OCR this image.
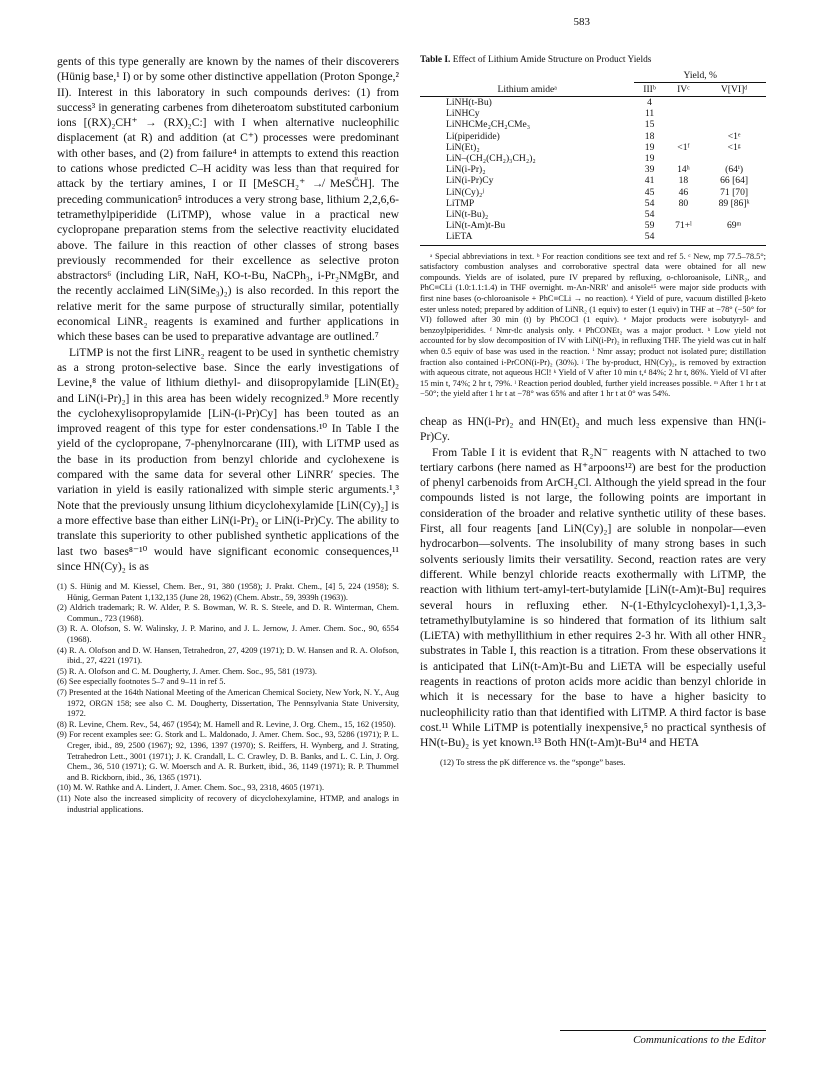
583

gents of this type generally are known by the names of their discoverers (Hünig base,¹ I) or by some other distinctive appellation (Proton Sponge,² II). Interest in this laboratory in such compounds derives: (1) from success³ in generating carbenes from diheteroatom substituted carbonium ions [(RX)₂CH⁺ → (RX)₂C:] with I when alternative nucleophilic displacement (at R) and addition (at C⁺) processes were predominant with other bases, and (2) from failure⁴ in attempts to extend this reaction to cations whose predicted C–H acidity was less than that required for attack by the tertiary amines, I or II [MeSCH₂⁺ ↛ MeSC̈H]. The preceding communication⁵ introduces a very strong base, lithium 2,2,6,6-tetramethylpiperidide (LiTMP), whose value in a practical new cyclopropane preparation stems from the selective reactivity elucidated above. The failure in this reaction of other classes of strong bases previously recommended for their excellence as selective proton abstractors⁶ (including LiR, NaH, KO-t-Bu, NaCPh₃, i-Pr₂NMgBr, and the recently acclaimed LiN(SiMe₃)₂) is also recorded. In this report the relative merit for the same purpose of structurally similar, potentially economical LiNR₂ reagents is examined and further applications in which these bases can be used to preparative advantage are outlined.⁷

LiTMP is not the first LiNR₂ reagent to be used in synthetic chemistry as a strong proton-selective base. Since the early investigations of Levine,⁸ the value of lithium diethyl- and diisopropylamide [LiN(Et)₂ and LiN(i-Pr)₂] in this area has been widely recognized.⁹ More recently the cyclohexylisopropylamide [LiN-(i-Pr)Cy] has been touted as an improved reagent of this type for ester condensations.¹⁰ In Table I the yield of the cyclopropane, 7-phenylnorcarane (III), with LiTMP used as the base in its production from benzyl chloride and cyclohexene is compared with the same data for several other LiNRR′ species. The variation in yield is easily rationalized with simple steric arguments.¹,³ Note that the previously unsung lithium dicyclohexylamide [LiN(Cy)₂] is a more effective base than either LiN(i-Pr)₂ or LiN(i-Pr)Cy. The ability to translate this superiority to other published synthetic applications of the last two bases⁸⁻¹⁰ would have significant economic consequences,¹¹ since HN(Cy)₂ is as

(1) S. Hünig and M. Kiessel, Chem. Ber., 91, 380 (1958); J. Prakt. Chem., [4] 5, 224 (1958); S. Hünig, German Patent 1,132,135 (June 28, 1962) (Chem. Abstr., 59, 3939h (1963)).
(2) Aldrich trademark; R. W. Alder, P. S. Bowman, W. R. S. Steele, and D. R. Winterman, Chem. Commun., 723 (1968).
(3) R. A. Olofson, S. W. Walinsky, J. P. Marino, and J. L. Jernow, J. Amer. Chem. Soc., 90, 6554 (1968).
(4) R. A. Olofson and D. W. Hansen, Tetrahedron, 27, 4209 (1971); D. W. Hansen and R. A. Olofson, ibid., 27, 4221 (1971).
(5) R. A. Olofson and C. M. Dougherty, J. Amer. Chem. Soc., 95, 581 (1973).
(6) See especially footnotes 5–7 and 9–11 in ref 5.
(7) Presented at the 164th National Meeting of the American Chemical Society, New York, N. Y., Aug 1972, ORGN 158; see also C. M. Dougherty, Dissertation, The Pennsylvania State University, 1972.
(8) R. Levine, Chem. Rev., 54, 467 (1954); M. Hamell and R. Levine, J. Org. Chem., 15, 162 (1950).
(9) For recent examples see: G. Stork and L. Maldonado, J. Amer. Chem. Soc., 93, 5286 (1971); P. L. Creger, ibid., 89, 2500 (1967); 92, 1396, 1397 (1970); S. Reiffers, H. Wynberg, and J. Strating, Tetrahedron Lett., 3001 (1971); J. K. Crandall, L. C. Crawley, D. B. Banks, and L. C. Lin, J. Org. Chem., 36, 510 (1971); G. W. Moersch and A. R. Burkett, ibid., 36, 1149 (1971); R. P. Thummel and B. Rickborn, ibid., 36, 1365 (1971).
(10) M. W. Rathke and A. Lindert, J. Amer. Chem. Soc., 93, 2318, 4605 (1971).
(11) Note also the increased simplicity of recovery of dicyclohexylamine, HTMP, and analogs in industrial applications.
Table I. Effect of Lithium Amide Structure on Product Yields
	Yield, %		
Lithium amideᵃ	IIIᵇ	IVᶜ	V[VI]ᵈ
LiNH(t-Bu)	4		
LiNHCy	11		
LiNHCMe₂CH₂CMe₃	15		
Li(piperidide)	18		<1ᵉ
LiN(Et)₂	19	<1ᶠ	<1ᵍ
LiN–(CH₂(CH₂)₃CH₂)₂	19		
LiN(i-Pr)₂	39	14ʰ	(64ⁱ)
LiN(i-Pr)Cy	41	18	66 [64]
LiN(Cy)₂ʲ	45	46	71 [70]
LiTMP	54	80	89 [86]ᵏ
LiN(t-Bu)₂	54		
LiN(t-Am)t-Bu	59	71+ˡ	69ᵐ
LiETA	54		

ᵃ Special abbreviations in text. ᵇ For reaction conditions see text and ref 5. ᶜ New, mp 77.5–78.5°; satisfactory combustion analyses and corroborative spectral data were obtained for all new compounds. Yields are of isolated, pure IV prepared by refluxing, o-chloroanisole, LiNR₂, and PhC≡CLi (1.0:1.1:1.4) in THF overnight. m-An-NRR′ and anisole¹⁵ were major side products with first nine bases (o-chloroanisole + PhC≡CLi → no reaction). ᵈ Yield of pure, vacuum distilled β-keto ester unless noted; prepared by addition of LiNR₂ (1 equiv) to ester (1 equiv) in THF at −78° (−50° for VI) followed after 30 min (t) by PhCOCl (1 equiv). ᵉ Major products were isobutyryl- and benzoylpiperidides. ᶠ Nmr-tlc analysis only. ᵍ PhCONEt₂ was a major product. ʰ Low yield not accounted for by slow decomposition of IV with LiN(i-Pr)₂ in refluxing THF. The yield was cut in half when 0.5 equiv of base was used in the reaction. ⁱ Nmr assay; product not isolated pure; distillation fraction also contained i-PrCON(i-Pr)₂ (30%). ʲ The by-product, HN(Cy)₂, is removed by extraction with aqueous citrate, not aqueous HCl! ᵏ Yield of V after 10 min t,ᵈ 84%; 2 hr t, 86%. Yield of VI after 15 min t, 74%; 2 hr t, 79%. ˡ Reaction period doubled, further yield increases possible. ᵐ After 1 hr t at −50°; the yield after 1 hr t at −78° was 65% and after 1 hr t at 0° was 54%.

cheap as HN(i-Pr)₂ and HN(Et)₂ and much less expensive than HN(i-Pr)Cy.

From Table I it is evident that R₂N⁻ reagents with N attached to two tertiary carbons (here named as H⁺arpoons¹²) are best for the production of phenyl carbenoids from ArCH₂Cl. Although the yield spread in the four compounds listed is not large, the following points are important in consideration of the broader and relative synthetic utility of these bases. First, all four reagents [and LiN(Cy)₂] are soluble in nonpolar—even hydrocarbon—solvents. The insolubility of many strong bases in such solvents seriously limits their versatility. Second, reaction rates are very different. While benzyl chloride reacts exothermally with LiTMP, the reaction with lithium tert-amyl-tert-butylamide [LiN(t-Am)t-Bu] requires several hours in refluxing ether. N-(1-Ethylcyclohexyl)-1,1,3,3-tetramethylbutylamine is so hindered that formation of its lithium salt (LiETA) with methyllithium in ether requires 2-3 hr. With all other HNR₂ substrates in Table I, this reaction is a titration. From these observations it is anticipated that LiN(t-Am)t-Bu and LiETA will be especially useful reagents in reactions of proton acids more acidic than benzyl chloride in which it is necessary for the base to have a higher basicity to nucleophilicity ratio than that identified with LiTMP. A third factor is base cost.¹¹ While LiTMP is potentially inexpensive,⁵ no practical synthesis of HN(t-Bu)₂ is yet known.¹³ Both HN(t-Am)t-Bu¹⁴ and HETA

(12) To stress the pK difference vs. the “sponge” bases.
Communications to the Editor
